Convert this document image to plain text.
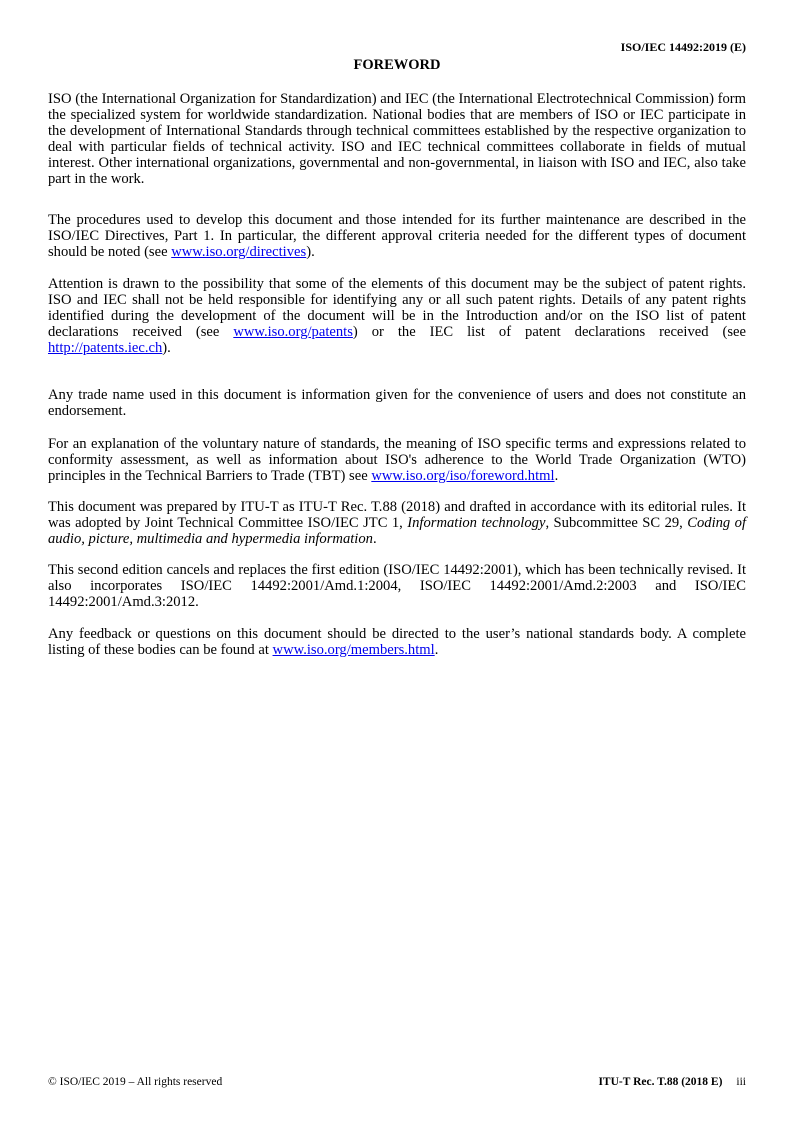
ISO/IEC 14492:2019 (E)
FOREWORD

ISO (the International Organization for Standardization) and IEC (the International Electrotechnical Commission) form the specialized system for worldwide standardization. National bodies that are members of ISO or IEC participate in the development of International Standards through technical committees established by the respective organization to deal with particular fields of technical activity. ISO and IEC technical committees collaborate in fields of mutual interest. Other international organizations, governmental and non-governmental, in liaison with ISO and IEC, also take part in the work.

The procedures used to develop this document and those intended for its further maintenance are described in the ISO/IEC Directives, Part 1. In particular, the different approval criteria needed for the different types of document should be noted (see www.iso.org/directives).

Attention is drawn to the possibility that some of the elements of this document may be the subject of patent rights. ISO and IEC shall not be held responsible for identifying any or all such patent rights. Details of any patent rights identified during the development of the document will be in the Introduction and/or on the ISO list of patent declarations received (see www.iso.org/patents) or the IEC list of patent declarations received (see http://patents.iec.ch).

Any trade name used in this document is information given for the convenience of users and does not constitute an endorsement.

For an explanation of the voluntary nature of standards, the meaning of ISO specific terms and expressions related to conformity assessment, as well as information about ISO's adherence to the World Trade Organization (WTO) principles in the Technical Barriers to Trade (TBT) see www.iso.org/iso/foreword.html.

This document was prepared by ITU-T as ITU-T Rec. T.88 (2018) and drafted in accordance with its editorial rules. It was adopted by Joint Technical Committee ISO/IEC JTC 1, Information technology, Subcommittee SC 29, Coding of audio, picture, multimedia and hypermedia information.

This second edition cancels and replaces the first edition (ISO/IEC 14492:2001), which has been technically revised. It also incorporates ISO/IEC 14492:2001/Amd.1:2004, ISO/IEC 14492:2001/Amd.2:2003 and ISO/IEC 14492:2001/Amd.3:2012.

Any feedback or questions on this document should be directed to the user’s national standards body. A complete listing of these bodies can be found at www.iso.org/members.html.

© ISO/IEC 2019 – All rights reserved	ITU-T Rec. T.88 (2018 E) iii
